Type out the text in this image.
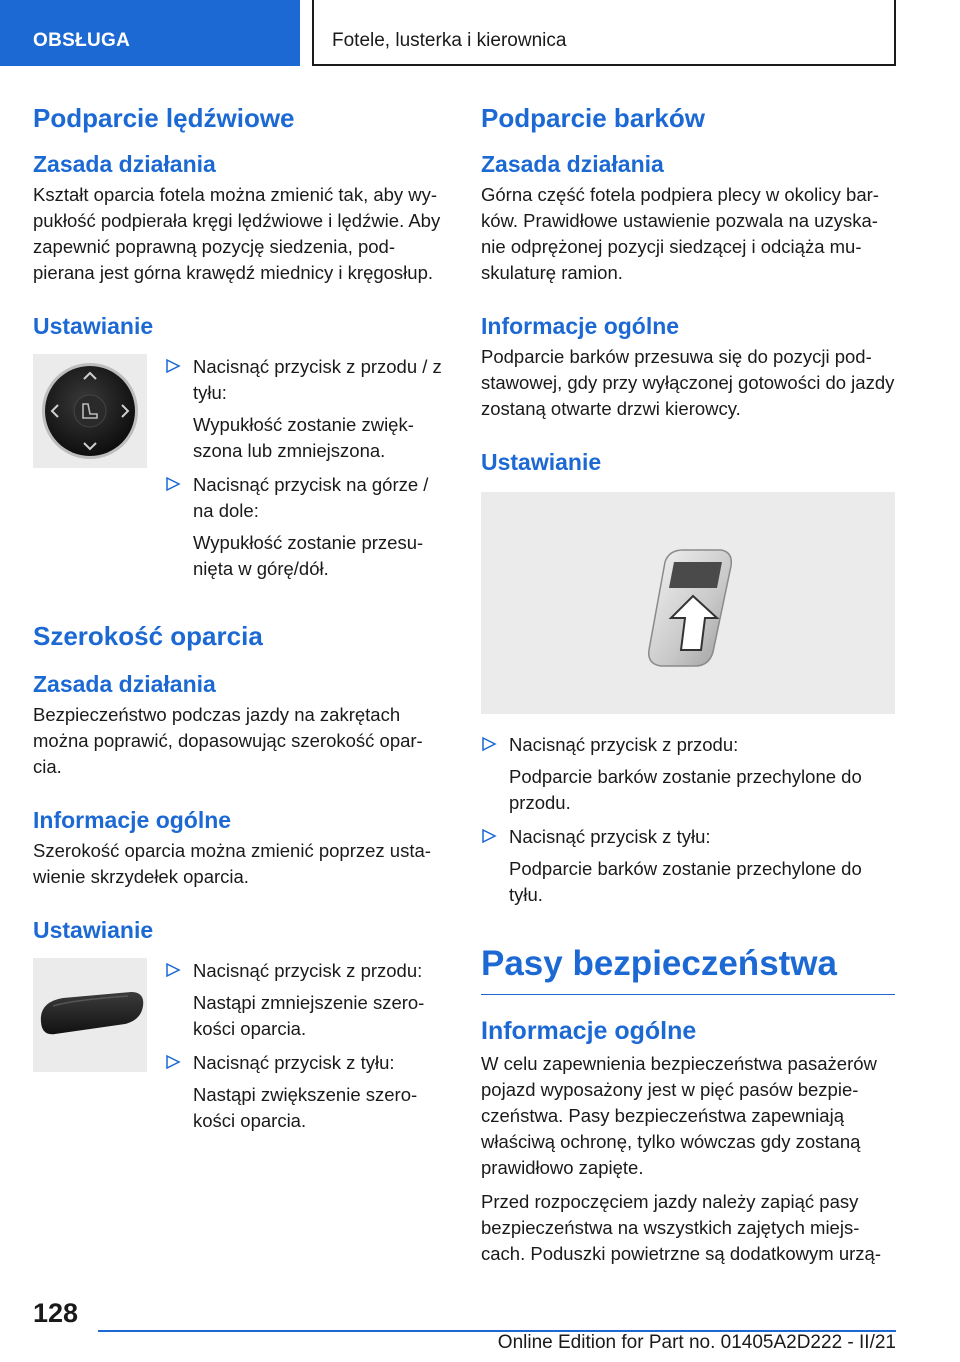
OBSŁUGA	Fotele, lusterka i kierownica
Podparcie lędźwiowe
Zasada działania

Kształt oparcia fotela można zmienić tak, aby wy-pukłość podpierała kręgi lędźwiowe i lędźwie. Aby zapewnić poprawną pozycję siedzenia, pod-pierana jest górna krawędź miednicy i kręgosłup.

Ustawianie
Nacisnąć przycisk z przodu / z tyłu:
Wypukłość zostanie zwięk-szona lub zmniejszona.
Nacisnąć przycisk na górze / na dole:
Wypukłość zostanie przesu-nięta w górę/dół.
Szerokość oparcia
Zasada działania

Bezpieczeństwo podczas jazdy na zakrętach można poprawić, dopasowując szerokość opar-cia.

Informacje ogólne

Szerokość oparcia można zmienić poprzez usta-wienie skrzydełek oparcia.

Ustawianie
Nacisnąć przycisk z przodu:
Nastąpi zmniejszenie szero-kości oparcia.
Nacisnąć przycisk z tyłu:
Nastąpi zwiększenie szero-kości oparcia.
Podparcie barków
Zasada działania

Górna część fotela podpiera plecy w okolicy bar-ków. Prawidłowe ustawienie pozwala na uzyska-nie odprężonej pozycji siedzącej i odciąża mu-skulaturę ramion.

Informacje ogólne

Podparcie barków przesuwa się do pozycji pod-stawowej, gdy przy wyłączonej gotowości do jazdy zostaną otwarte drzwi kierowcy.

Ustawianie
Nacisnąć przycisk z przodu:
Podparcie barków zostanie przechylone do przodu.
Nacisnąć przycisk z tyłu:
Podparcie barków zostanie przechylone do tyłu.
Pasy bezpieczeństwa
Informacje ogólne

W celu zapewnienia bezpieczeństwa pasażerów pojazd wyposażony jest w pięć pasów bezpie-czeństwa. Pasy bezpieczeństwa zapewniają właściwą ochronę, tylko wówczas gdy zostaną prawidłowo zapięte.

Przed rozpoczęciem jazdy należy zapiąć pasy bezpieczeństwa na wszystkich zajętych miejs-cach. Poduszki powietrzne są dodatkowym urzą-

128
Online Edition for Part no. 01405A2D222 - II/21
